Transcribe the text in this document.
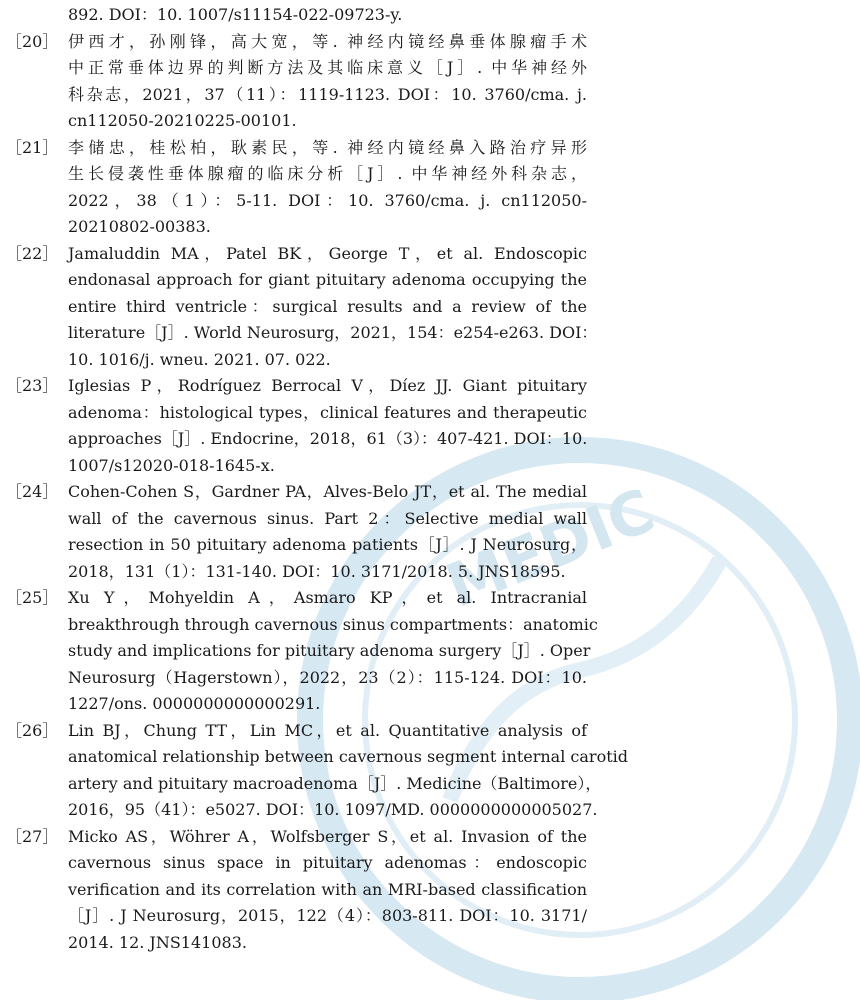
MEDIC
892. DOI：10. 1007/s11154-022-09723-y.
［20］ 伊西才，孙刚锋，高大宽，等. 神经内镜经鼻垂体腺瘤手术
中正常垂体边界的判断方法及其临床意义［J］. 中华神经外
科杂志，2021，37（11）：1119-1123. DOI：10. 3760/cma. j.
cn112050-20210225-00101.
［21］ 李储忠，桂松柏，耿素民，等. 神经内镜经鼻入路治疗异形
生长侵袭性垂体腺瘤的临床分析［J］. 中华神经外科杂志，
2022，38（1）：5-11. DOI：10. 3760/cma. j. cn112050-
20210802-00383.
［22］ Jamaluddin MA，Patel BK，George T，et al. Endoscopic
endonasal approach for giant pituitary adenoma occupying the
entire third ventricle：surgical results and a review of the
literature［J］. World Neurosurg，2021，154：e254-e263. DOI：
10. 1016/j. wneu. 2021. 07. 022.
［23］ Iglesias P，Rodríguez Berrocal V，Díez JJ. Giant pituitary
adenoma：histological types，clinical features and therapeutic
approaches［J］. Endocrine，2018，61（3）：407-421. DOI：10.
1007/s12020-018-1645-x.
［24］ Cohen-Cohen S，Gardner PA，Alves-Belo JT，et al. The medial
wall of the cavernous sinus. Part 2：Selective medial wall
resection in 50 pituitary adenoma patients［J］. J Neurosurg，
2018，131（1）：131-140. DOI：10. 3171/2018. 5. JNS18595.
［25］ Xu Y，Mohyeldin A，Asmaro KP，et al. Intracranial
breakthrough through cavernous sinus compartments：anatomic
study and implications for pituitary adenoma surgery［J］. Oper
Neurosurg（Hagerstown），2022，23（2）：115-124. DOI：10.
1227/ons. 0000000000000291.
［26］ Lin BJ，Chung TT，Lin MC，et al. Quantitative analysis of
anatomical relationship between cavernous segment internal carotid
artery and pituitary macroadenoma［J］. Medicine（Baltimore），
2016，95（41）：e5027. DOI：10. 1097/MD. 0000000000005027.
［27］ Micko AS，Wöhrer A，Wolfsberger S，et al. Invasion of the
cavernous sinus space in pituitary adenomas：endoscopic
verification and its correlation with an MRI-based classification
［J］. J Neurosurg，2015，122（4）：803-811. DOI：10. 3171/
2014. 12. JNS141083.
